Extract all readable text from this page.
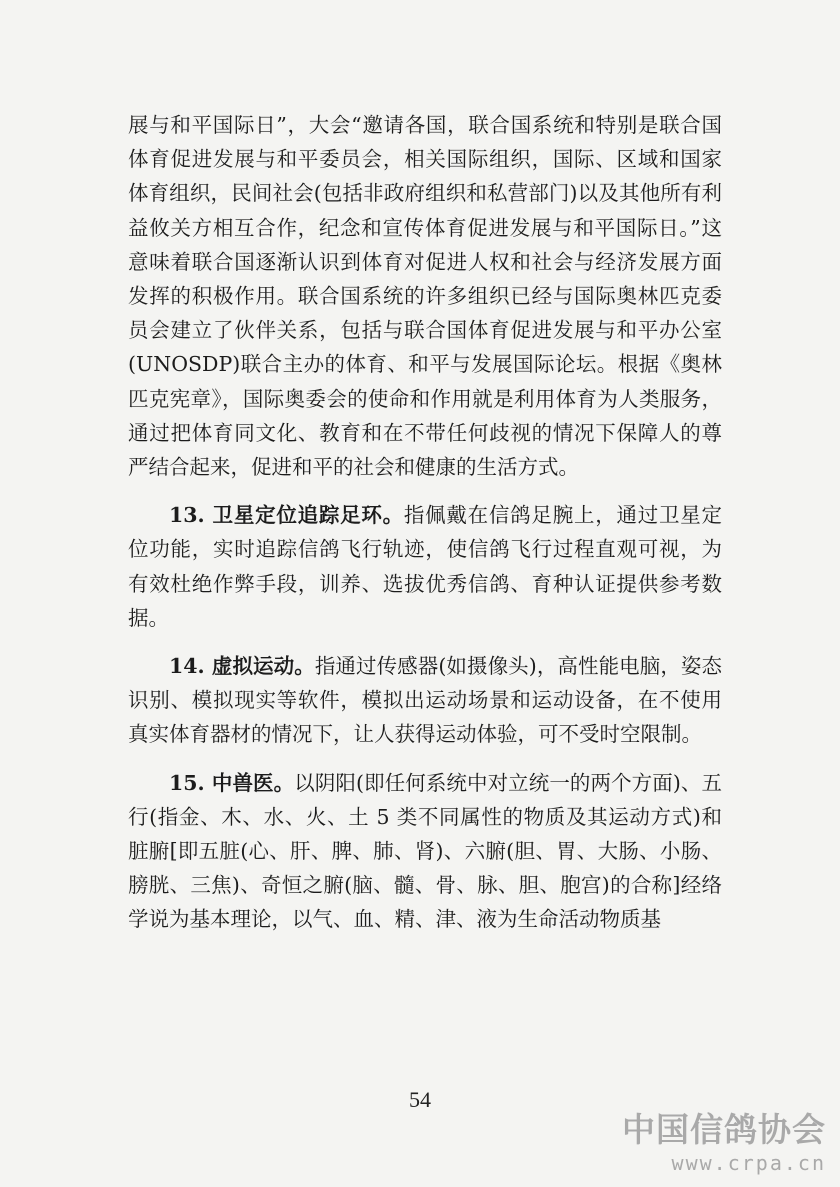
展与和平国际日”，大会“邀请各国，联合国系统和特别是联合国体育促进发展与和平委员会，相关国际组织，国际、区域和国家体育组织，民间社会(包括非政府组织和私营部门)以及其他所有利益攸关方相互合作，纪念和宣传体育促进发展与和平国际日。”这意味着联合国逐渐认识到体育对促进人权和社会与经济发展方面发挥的积极作用。联合国系统的许多组织已经与国际奥林匹克委员会建立了伙伴关系，包括与联合国体育促进发展与和平办公室(UNOSDP)联合主办的体育、和平与发展国际论坛。根据《奥林匹克宪章》，国际奥委会的使命和作用就是利用体育为人类服务，通过把体育同文化、教育和在不带任何歧视的情况下保障人的尊严结合起来，促进和平的社会和健康的生活方式。

13. 卫星定位追踪足环。指佩戴在信鸽足腕上，通过卫星定位功能，实时追踪信鸽飞行轨迹，使信鸽飞行过程直观可视，为有效杜绝作弊手段，训养、选拔优秀信鸽、育种认证提供参考数据。

14. 虚拟运动。指通过传感器(如摄像头)，高性能电脑，姿态识别、模拟现实等软件，模拟出运动场景和运动设备，在不使用真实体育器材的情况下，让人获得运动体验，可不受时空限制。

15. 中兽医。以阴阳(即任何系统中对立统一的两个方面)、五行(指金、木、水、火、土 5 类不同属性的物质及其运动方式)和脏腑[即五脏(心、肝、脾、肺、肾)、六腑(胆、胃、大肠、小肠、膀胱、三焦)、奇恒之腑(脑、髓、骨、脉、胆、胞宫)的合称]经络学说为基本理论，以气、血、精、津、液为生命活动物质基

54
中国信鸽协会
www.crpa.cn
